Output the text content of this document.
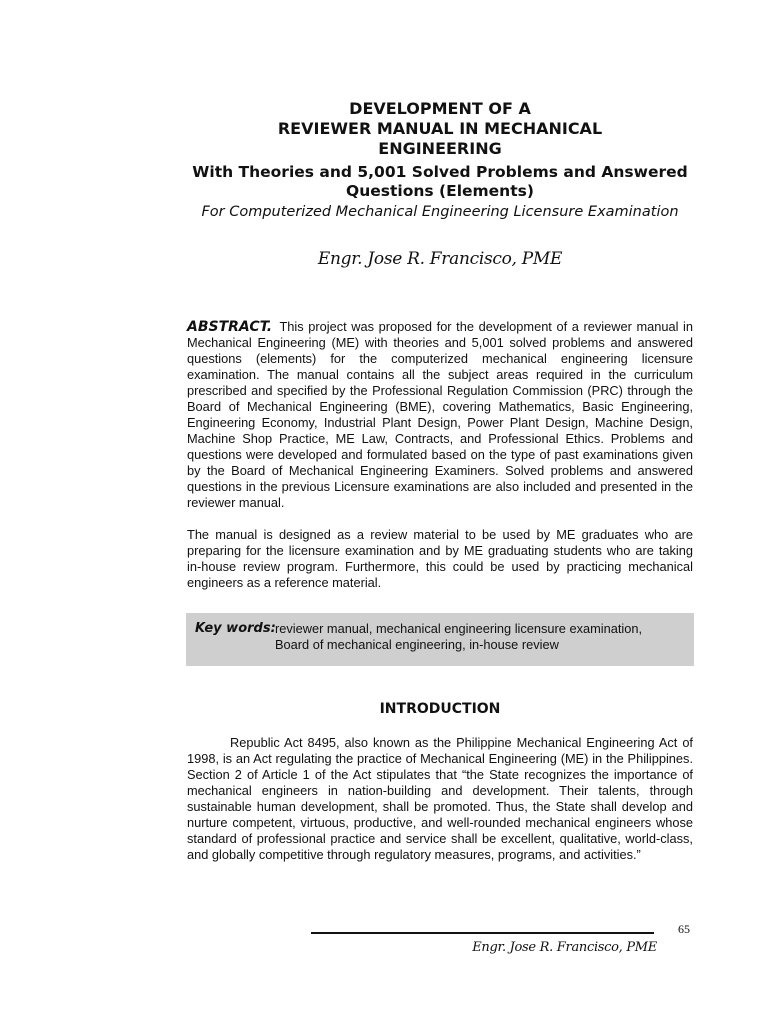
DEVELOPMENT OF A
REVIEWER MANUAL IN MECHANICAL
ENGINEERING
With Theories and 5,001 Solved Problems and Answered
Questions (Elements)
For Computerized Mechanical Engineering Licensure Examination
Engr. Jose R. Francisco, PME

ABSTRACT. This project was proposed for the development of a reviewer manual in Mechanical Engineering (ME) with theories and 5,001 solved problems and answered questions (elements) for the computerized mechanical engineering licensure examination. The manual contains all the subject areas required in the curriculum prescribed and specified by the Professional Regulation Commission (PRC) through the Board of Mechanical Engineering (BME), covering Mathematics, Basic Engineering, Engineering Economy, Industrial Plant Design, Power Plant Design, Machine Design, Machine Shop Practice, ME Law, Contracts, and Professional Ethics. Problems and questions were developed and formulated based on the type of past examinations given by the Board of Mechanical Engineering Examiners. Solved problems and answered questions in the previous Licensure examinations are also included and presented in the reviewer manual.

The manual is designed as a review material to be used by ME graduates who are preparing for the licensure examination and by ME graduating students who are taking in-house review program. Furthermore, this could be used by practicing mechanical engineers as a reference material.

Key words: reviewer manual, mechanical engineering licensure examination,
Board of mechanical engineering, in-house review
INTRODUCTION

Republic Act 8495, also known as the Philippine Mechanical Engineering Act of 1998, is an Act regulating the practice of Mechanical Engineering (ME) in the Philippines. Section 2 of Article 1 of the Act stipulates that “the State recognizes the importance of mechanical engineers in nation-building and development. Their talents, through sustainable human development, shall be promoted. Thus, the State shall develop and nurture competent, virtuous, productive, and well-rounded mechanical engineers whose standard of professional practice and service shall be excellent, qualitative, world-class, and globally competitive through regulatory measures, programs, and activities.”

65
Engr. Jose R. Francisco, PME
